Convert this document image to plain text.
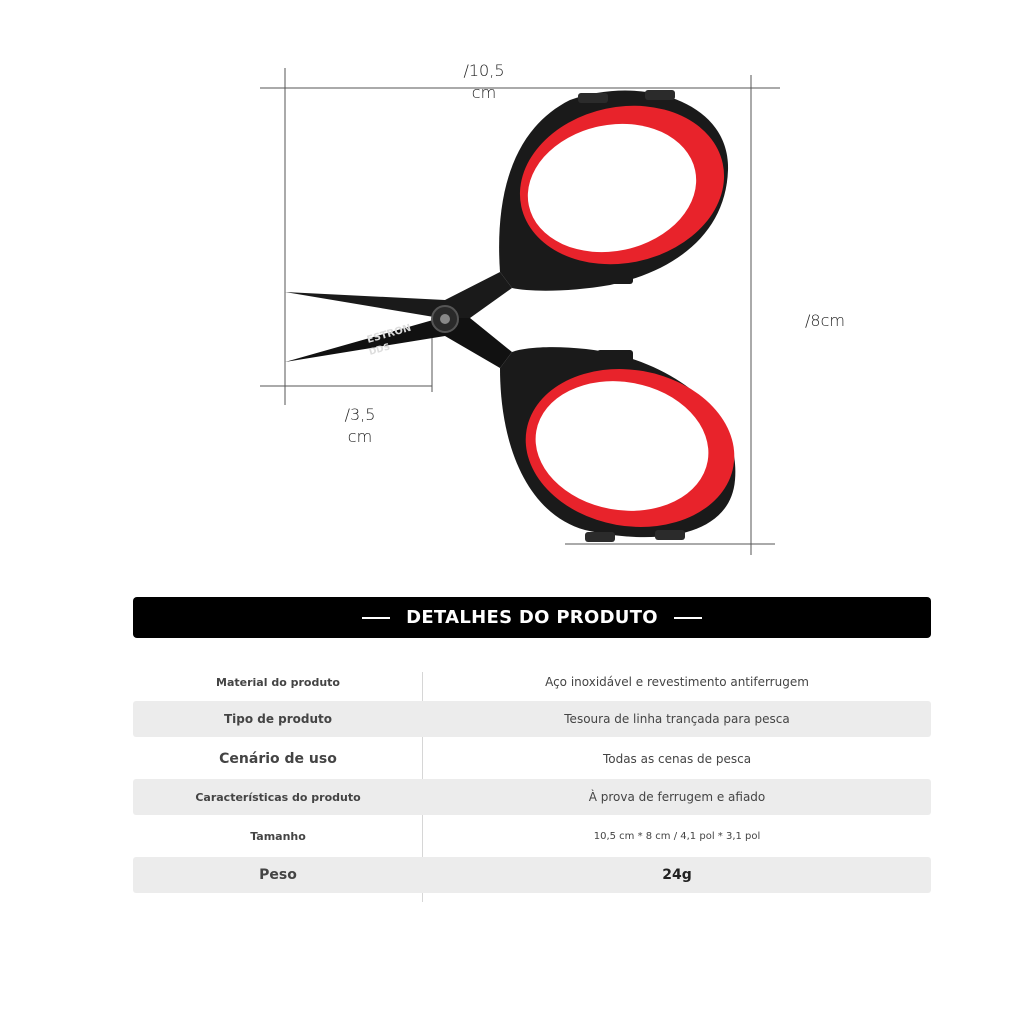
ESTRON
DDS
/10,5
cm
/8cm
/3,5
cm
DETALHES DO PRODUTO
Material do produto	Aço inoxidável e revestimento antiferrugem
Tipo de produto	Tesoura de linha trançada para pesca
Cenário de uso	Todas as cenas de pesca
Características do produto	À prova de ferrugem e afiado
Tamanho	10,5 cm * 8 cm / 4,1 pol * 3,1 pol
Peso	24g
